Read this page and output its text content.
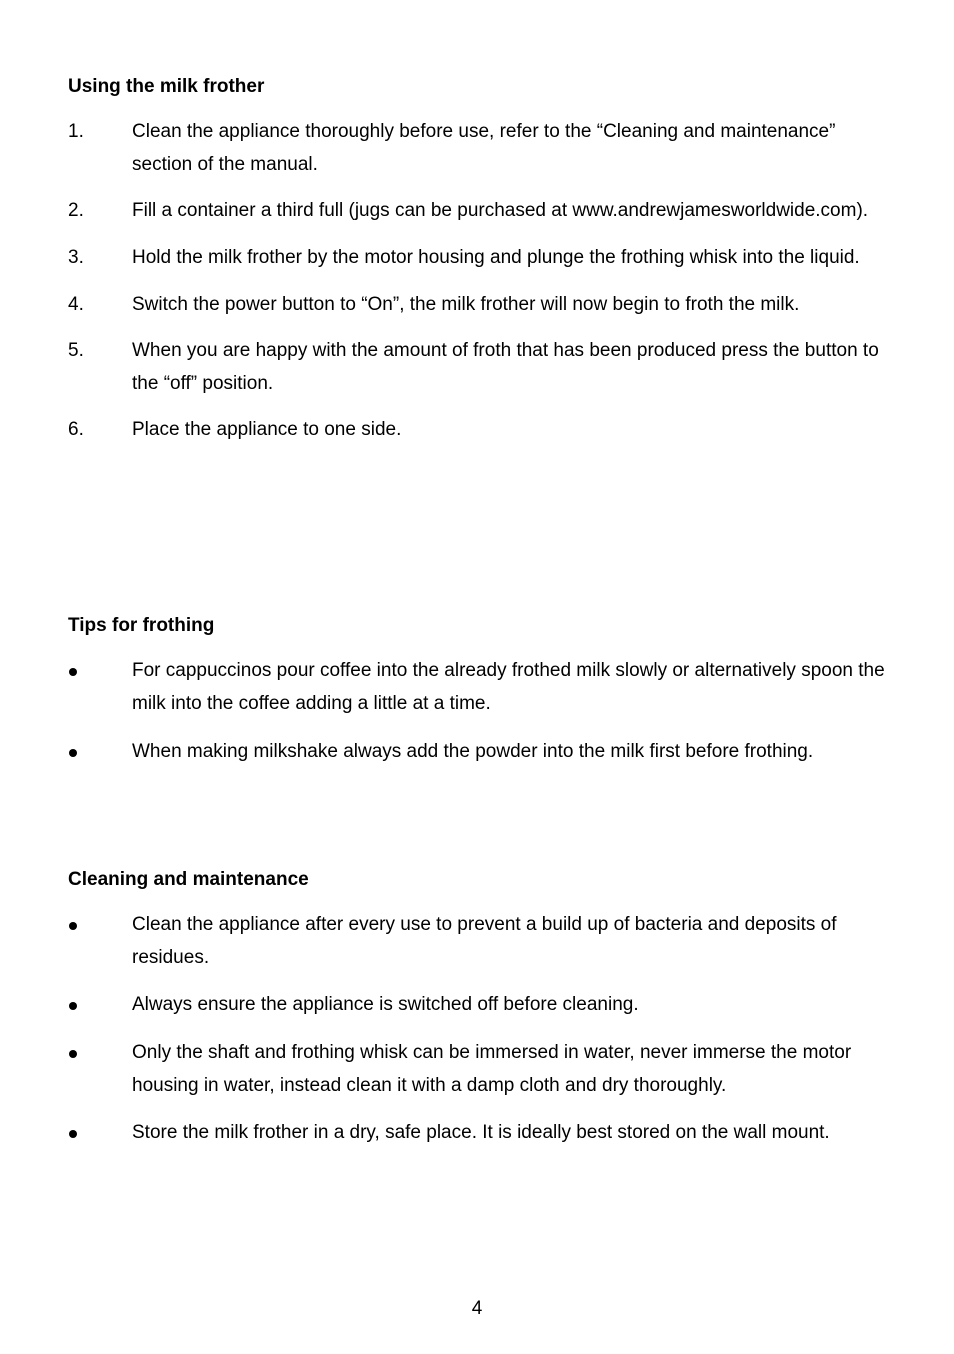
Using the milk frother
1.	Clean the appliance thoroughly before use, refer to the “Cleaning and maintenance” section of the manual.
2.	Fill a container a third full (jugs can be purchased at www.andrewjamesworldwide.com).
3.	Hold the milk frother by the motor housing and plunge the frothing whisk into the liquid.
4.	Switch the power button to “On”, the milk frother will now begin to froth the milk.
5.	When you are happy with the amount of froth that has been produced press the button to the “off” position.
6.	Place the appliance to one side.
Tips for frothing
For cappuccinos pour coffee into the already frothed milk slowly or alternatively spoon the milk into the coffee adding a little at a time.
When making milkshake always add the powder into the milk first before frothing.
Cleaning and maintenance
Clean the appliance after every use to prevent a build up of bacteria and deposits of residues.
Always ensure the appliance is switched off before cleaning.
Only the shaft and frothing whisk can be immersed in water, never immerse the motor housing in water, instead clean it with a damp cloth and dry thoroughly.
Store the milk frother in a dry, safe place. It is ideally best stored on the wall mount.
4
